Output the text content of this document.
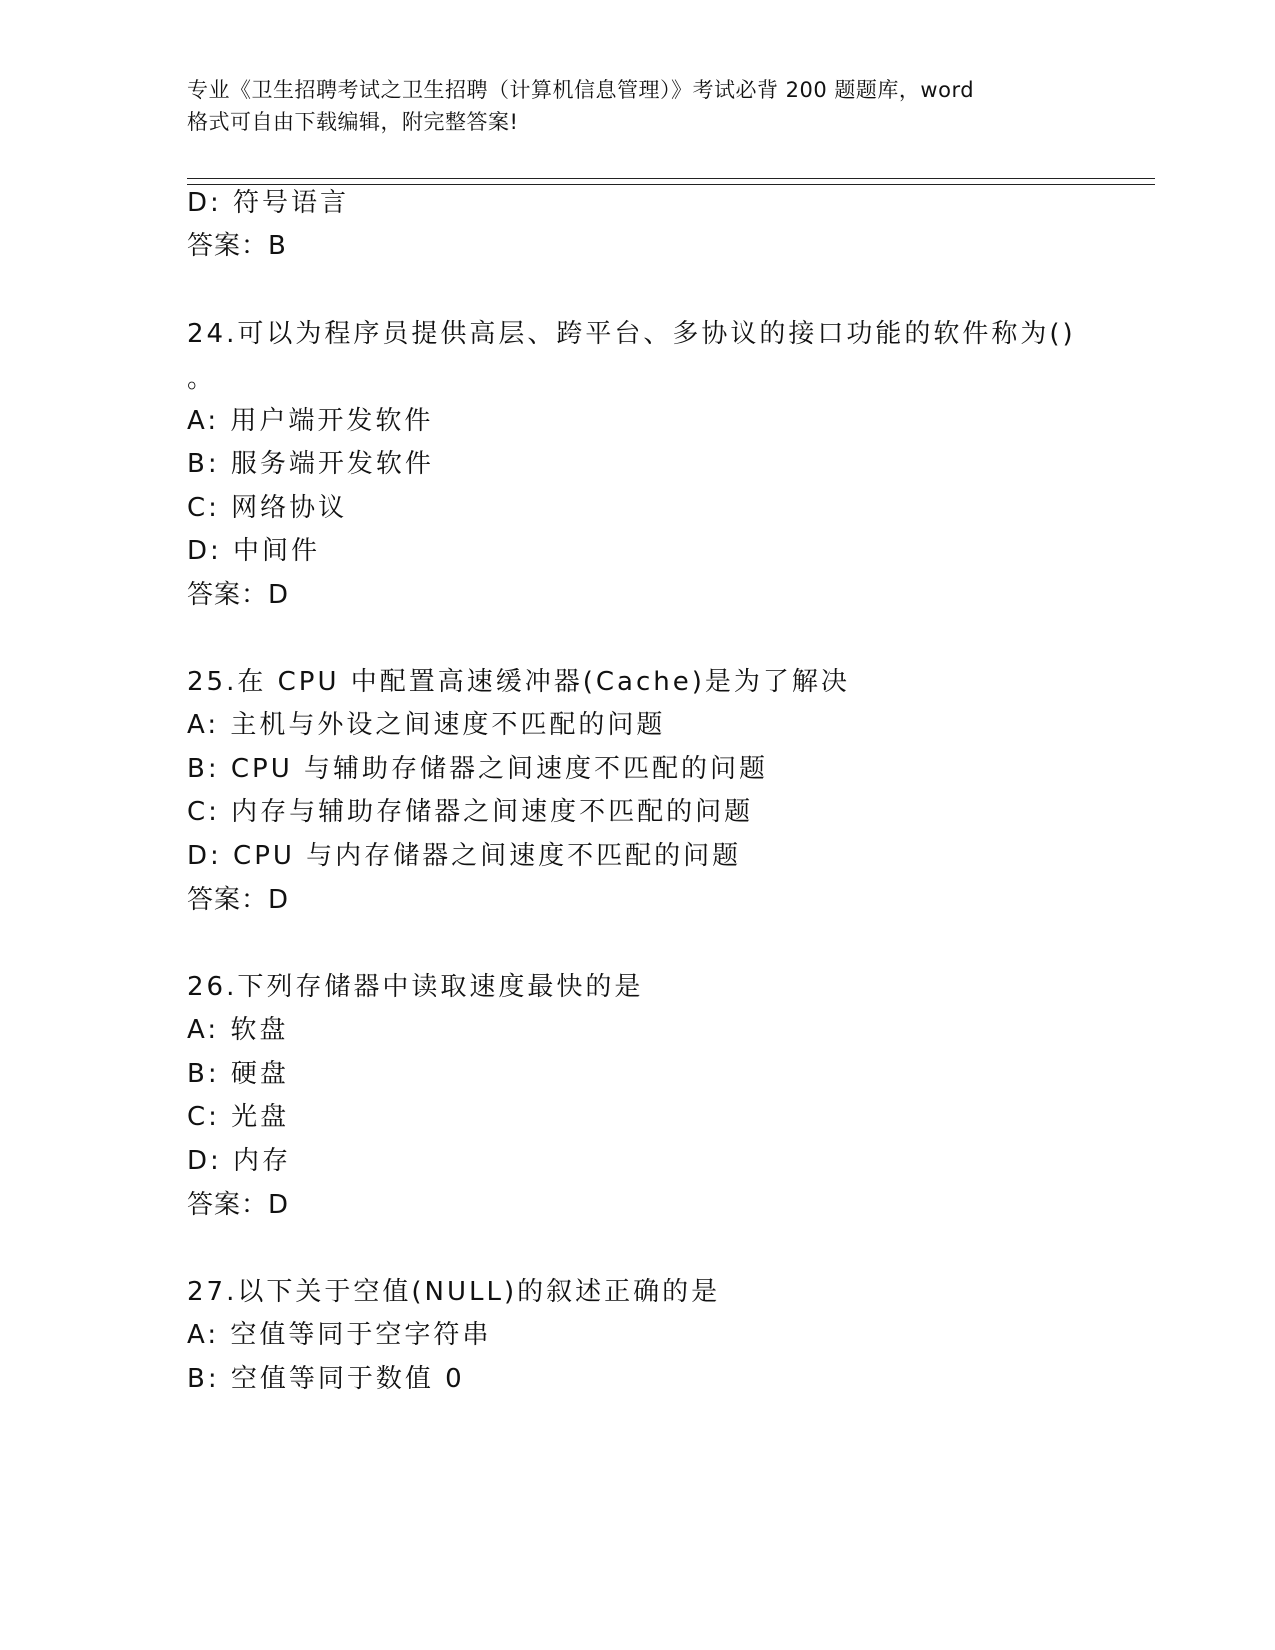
专业《卫生招聘考试之卫生招聘（计算机信息管理）》考试必背 200 题题库，word
格式可自由下载编辑，附完整答案!
D: 符号语言
答案：B
24.可以为程序员提供高层、跨平台、多协议的接口功能的软件称为()
。
A: 用户端开发软件
B: 服务端开发软件
C: 网络协议
D: 中间件
答案：D
25.在 CPU 中配置高速缓冲器(Cache)是为了解决
A: 主机与外设之间速度不匹配的问题
B: CPU 与辅助存储器之间速度不匹配的问题
C: 内存与辅助存储器之间速度不匹配的问题
D: CPU 与内存储器之间速度不匹配的问题
答案：D
26.下列存储器中读取速度最快的是
A: 软盘
B: 硬盘
C: 光盘
D: 内存
答案：D
27.以下关于空值(NULL)的叙述正确的是
A: 空值等同于空字符串
B: 空值等同于数值 0
